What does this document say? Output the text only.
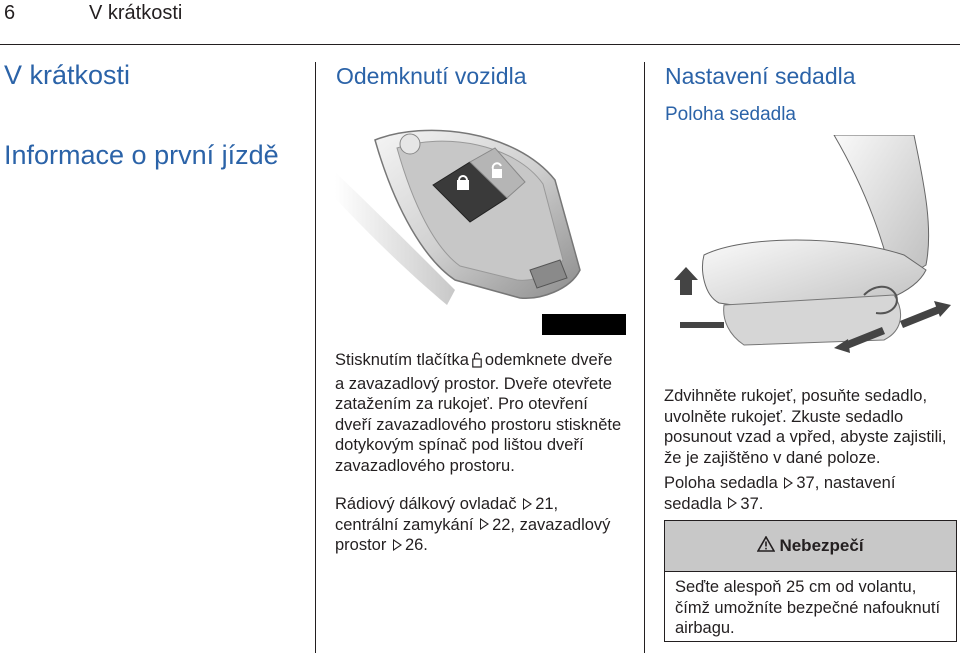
6	V krátkosti
V krátkosti
Informace o první jízdě
Odemknutí vozidla
Stisknutím tlačítka odemknete dveře a zavazadlový prostor. Dveře otevřete zatažením za rukojeť. Pro otevření dveří zavazadlového prostoru stiskněte dotykovým spínač pod lištou dveří zavazadlového prostoru.
Rádiový dálkový ovladač 21, centrální zamykání 22, zavazadlový prostor 26.
Nastavení sedadla
Poloha sedadla
Zdvihněte rukojeť, posuňte sedadlo, uvolněte rukojeť. Zkuste sedadlo posunout vzad a vpřed, abyste zajistili, že je zajištěno v dané poloze.
Poloha sedadla 37, nastavení sedadla 37.
Nebezpečí
Seďte alespoň 25 cm od volantu, čímž umožníte bezpečné nafouknutí airbagu.
